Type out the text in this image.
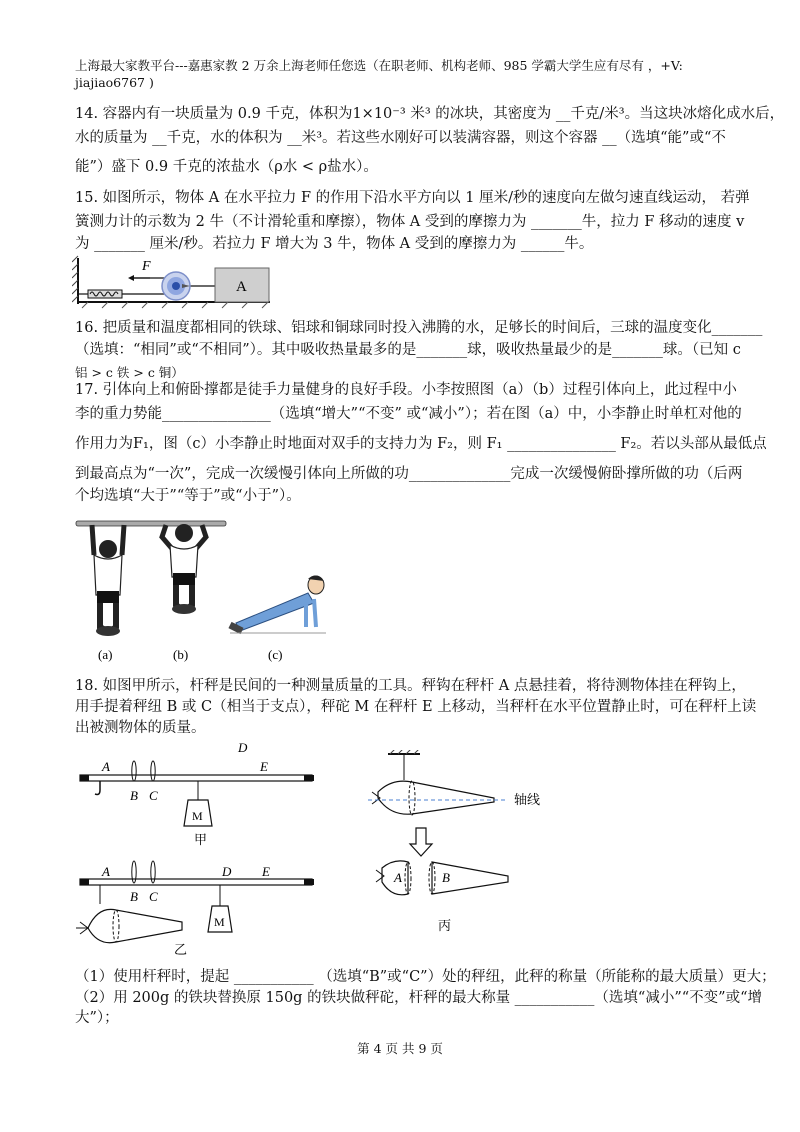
上海最大家教平台---嘉惠家教 2 万余上海老师任您选（在职老师、机构老师、985 学霸大学生应有尽有 ，+V:
jiajiao6767 )
14. 容器内有一块质量为 0.9 千克，体积为1×10⁻³ 米³ 的冰块，其密度为 __千克/米³。当这块冰熔化成水后，
水的质量为 __千克，水的体积为 __米³。若这些水刚好可以装满容器，则这个容器 __（选填“能”或“不
能”）盛下 0.9 千克的浓盐水（ρ水 < ρ盐水）。
15. 如图所示，物体 A 在水平拉力 F 的作用下沿水平方向以 1 厘米/秒的速度向左做匀速直线运动， 若弹
簧测力计的示数为 2 牛（不计滑轮重和摩擦），物体 A 受到的摩擦力为 _______牛，拉力 F 移动的速度 v
为 _______ 厘米/秒。若拉力 F 增大为 3 牛，物体 A 受到的摩擦力为 ______牛。
F
A
16. 把质量和温度都相同的铁球、铝球和铜球同时投入沸腾的水，足够长的时间后，三球的温度变化_______
（选填：“相同”或“不相同”）。其中吸收热量最多的是_______球，吸收热量最少的是_______球。（已知 c
铝 > c 铁 > c 铜）
17. 引体向上和俯卧撑都是徒手力量健身的良好手段。小李按照图（a）（b）过程引体向上，此过程中小
李的重力势能_______________（选填“增大”“不变” 或“减小”）；若在图（a）中，小李静止时单杠对他的
作用力为F₁，图（c）小李静止时地面对双手的支持力为 F₂，则 F₁ _______________ F₂。若以头部从最低点
到最高点为“一次”，完成一次缓慢引体向上所做的功______________完成一次缓慢俯卧撑所做的功（后两
个均选填“大于”“等于”或“小于”）。
(a)	(b)	(c)
18. 如图甲所示，杆秤是民间的一种测量质量的工具。秤钩在秤杆 A 点悬挂着，将待测物体挂在秤钩上，
用手提着秤纽 B 或 C（相当于支点），秤砣 M 在秤杆 E 上移动，当秤杆在水平位置静止时，可在秤杆上读
出被测物体的质量。
A
B C
D
E
M
甲
A
B C
D E
M
乙
轴线
A	B
丙
（1）使用杆秤时，提起 ___________ （选填“B”或“C”）处的秤纽，此秤的称量（所能称的最大质量）更大；
（2）用 200g 的铁块替换原 150g 的铁块做秤砣，杆秤的最大称量 ___________（选填“减小”“不变”或“增
大”）；
第 4 页 共 9 页
